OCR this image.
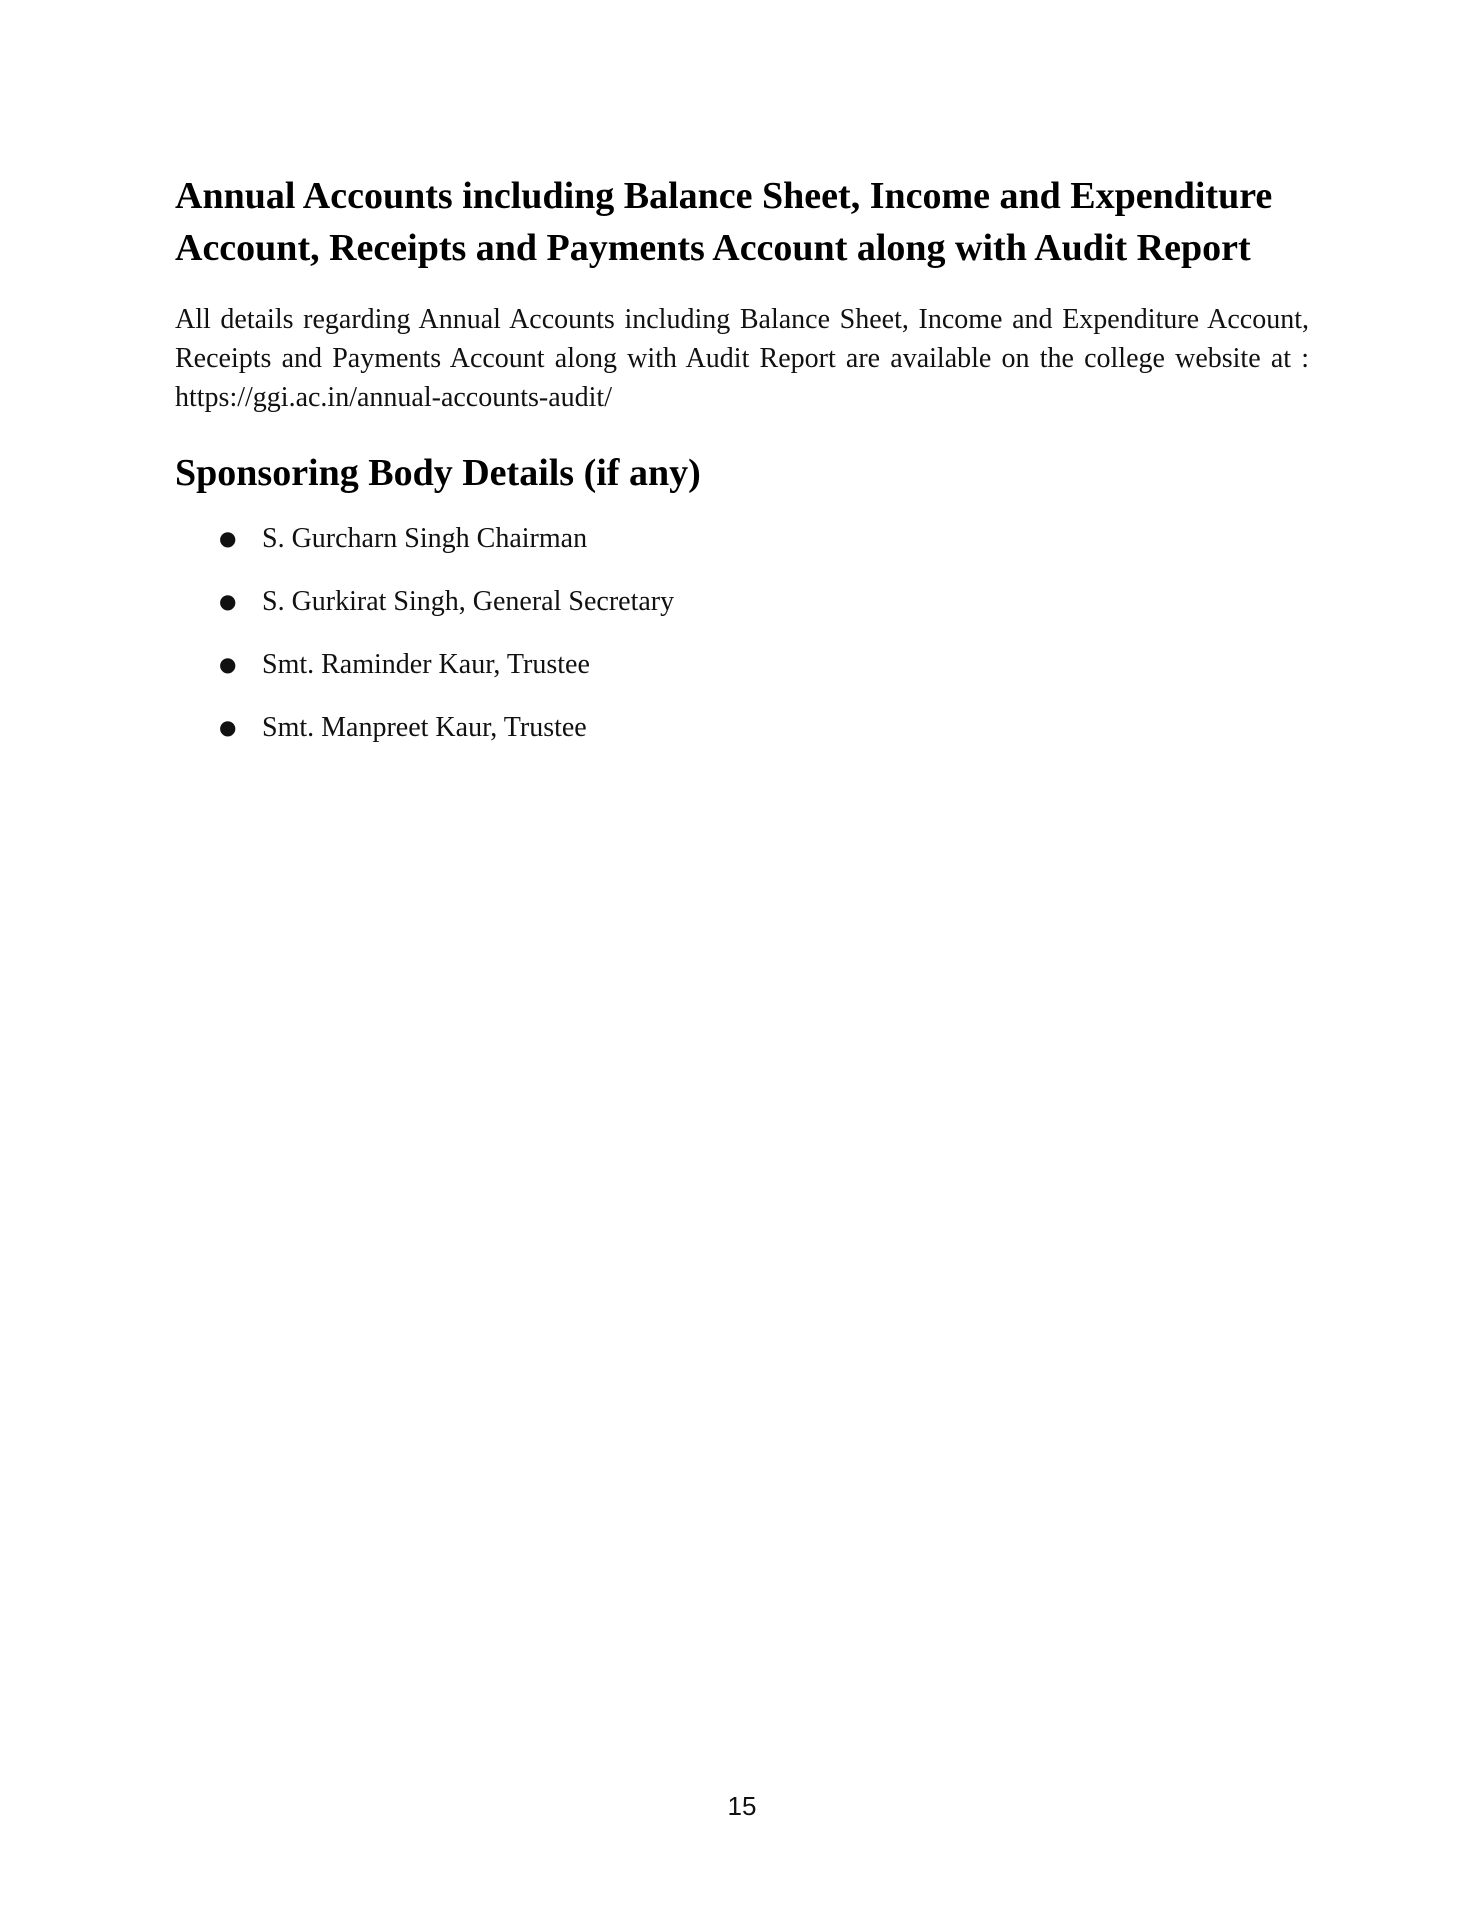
Annual Accounts including Balance Sheet, Income and Expenditure Account, Receipts and Payments Account along with Audit Report

All details regarding Annual Accounts including Balance Sheet, Income and Expenditure Account, Receipts and Payments Account along with Audit Report are available on the college website at : https://ggi.ac.in/annual-accounts-audit/

Sponsoring Body Details (if any)
● S. Gurcharn Singh Chairman
● S. Gurkirat Singh, General Secretary
● Smt. Raminder Kaur, Trustee
● Smt. Manpreet Kaur, Trustee
15
